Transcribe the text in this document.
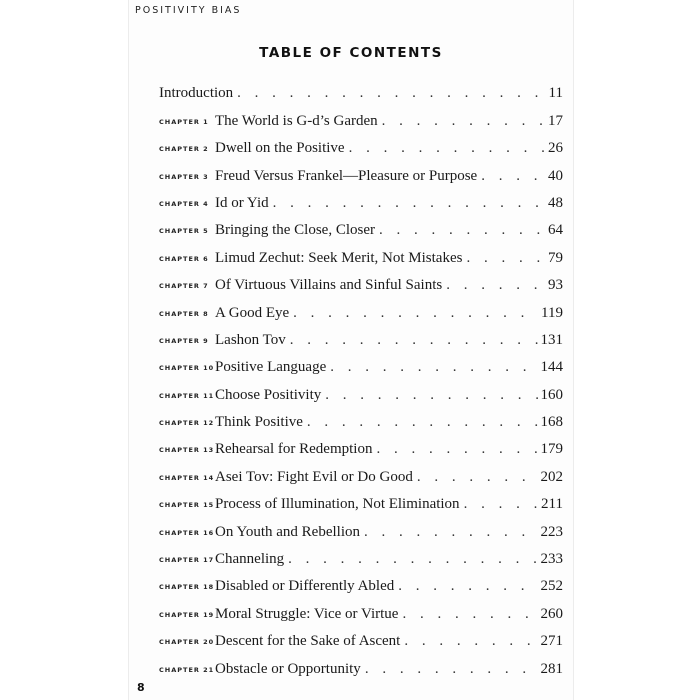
POSITIVITY BIAS
TABLE OF CONTENTS
Introduction . . .	11
CHAPTER 1 The World is G-d’s Garden . . .	17
CHAPTER 2 Dwell on the Positive . . .	26
CHAPTER 3 Freud Versus Frankel—Pleasure or Purpose . . .	40
CHAPTER 4 Id or Yid . . .	48
CHAPTER 5 Bringing the Close, Closer . . .	64
CHAPTER 6 Limud Zechut: Seek Merit, Not Mistakes . . .	79
CHAPTER 7 Of Virtuous Villains and Sinful Saints . . .	93
CHAPTER 8 A Good Eye . . .	119
CHAPTER 9 Lashon Tov . . .	131
CHAPTER 10 Positive Language . . .	144
CHAPTER 11 Choose Positivity . . .	160
CHAPTER 12 Think Positive . . .	168
CHAPTER 13 Rehearsal for Redemption . . .	179
CHAPTER 14 Asei Tov: Fight Evil or Do Good . . .	202
CHAPTER 15 Process of Illumination, Not Elimination . . .	211
CHAPTER 16 On Youth and Rebellion . . .	223
CHAPTER 17 Channeling . . .	233
CHAPTER 18 Disabled or Differently Abled . . .	252
CHAPTER 19 Moral Struggle: Vice or Virtue . . .	260
CHAPTER 20 Descent for the Sake of Ascent . . .	271
CHAPTER 21 Obstacle or Opportunity . . .	281
8
